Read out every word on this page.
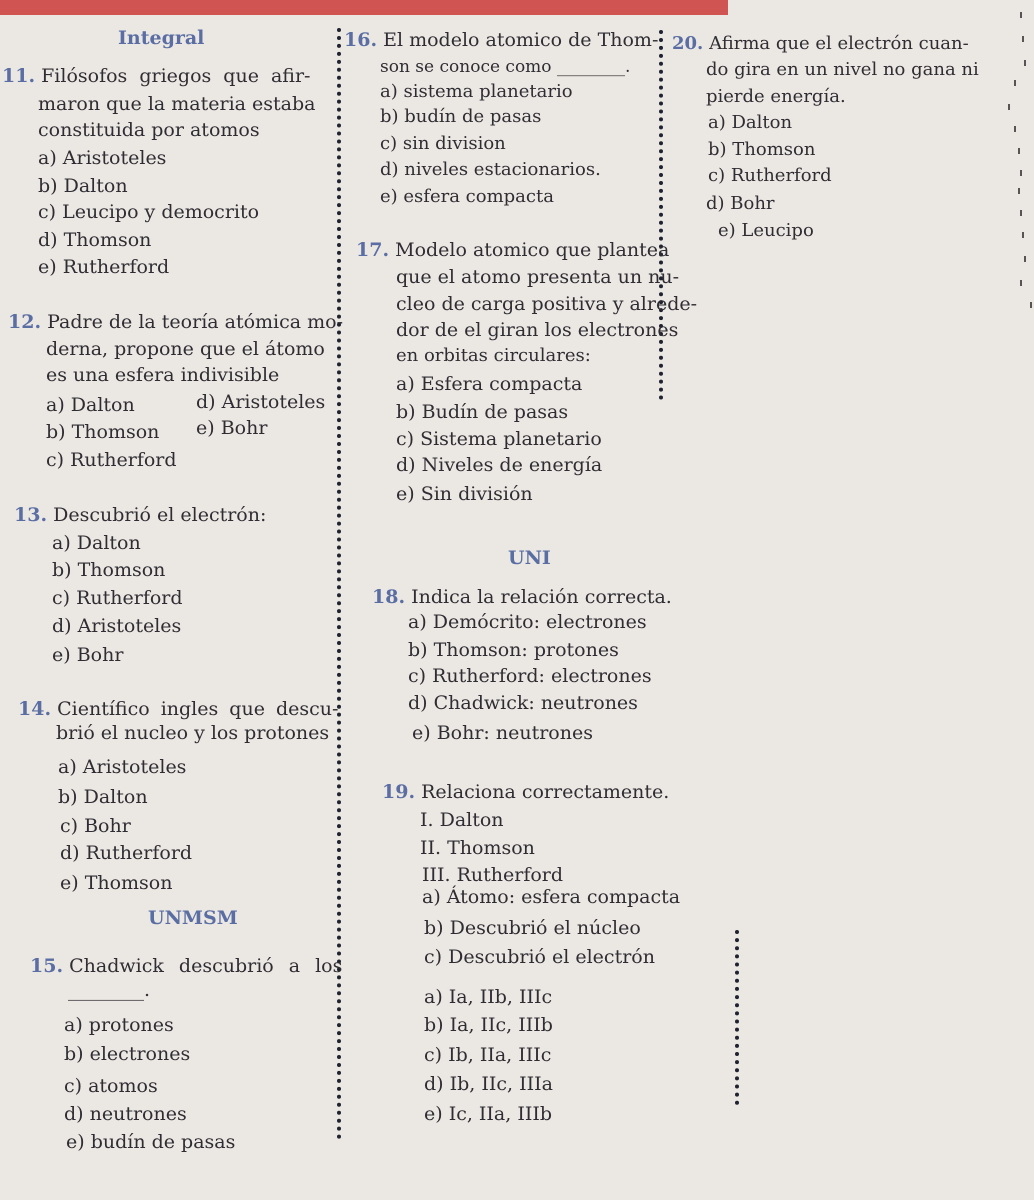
Integral
11. Filósofos griegos que afir-
maron que la materia estaba
constituida por atomos
a) Aristoteles
b) Dalton
c) Leucipo y democrito
d) Thomson
e) Rutherford
12. Padre de la teoría atómica mo-
derna, propone que el átomo
es una esfera indivisible
a) Dalton	d) Aristoteles
b) Thomson e) Bohr
c) Rutherford
13. Descubrió el electrón:
a) Dalton
b) Thomson
c) Rutherford
d) Aristoteles
e) Bohr
14. Científico ingles que descu-
brió el nucleo y los protones
a) Aristoteles
b) Dalton
c) Bohr
d) Rutherford
e) Thomson
UNMSM
15. Chadwick descubrió a los
________.
a) protones
b) electrones
c) atomos
d) neutrones
e) budín de pasas
16. El modelo atomico de Thom-
son se conoce como ________.
a) sistema planetario
b) budín de pasas
c) sin division
d) niveles estacionarios.
e) esfera compacta
17. Modelo atomico que plantea
que el atomo presenta un nu-
cleo de carga positiva y alrede-
dor de el giran los electrones
en orbitas circulares:
a) Esfera compacta
b) Budín de pasas
c) Sistema planetario
d) Niveles de energía
e) Sin división
UNI
18. Indica la relación correcta.
a) Demócrito: electrones
b) Thomson: protones
c) Rutherford: electrones
d) Chadwick: neutrones
e) Bohr: neutrones
19. Relaciona correctamente.
I. Dalton
II. Thomson
III. Rutherford
a) Átomo: esfera compacta
b) Descubrió el núcleo
c) Descubrió el electrón
a) Ia, IIb, IIIc
b) Ia, IIc, IIIb
c) Ib, IIa, IIIc
d) Ib, IIc, IIIa
e) Ic, IIa, IIIb
20. Afirma que el electrón cuan-
do gira en un nivel no gana ni
pierde energía.
a) Dalton
b) Thomson
c) Rutherford
d) Bohr
e) Leucipo
